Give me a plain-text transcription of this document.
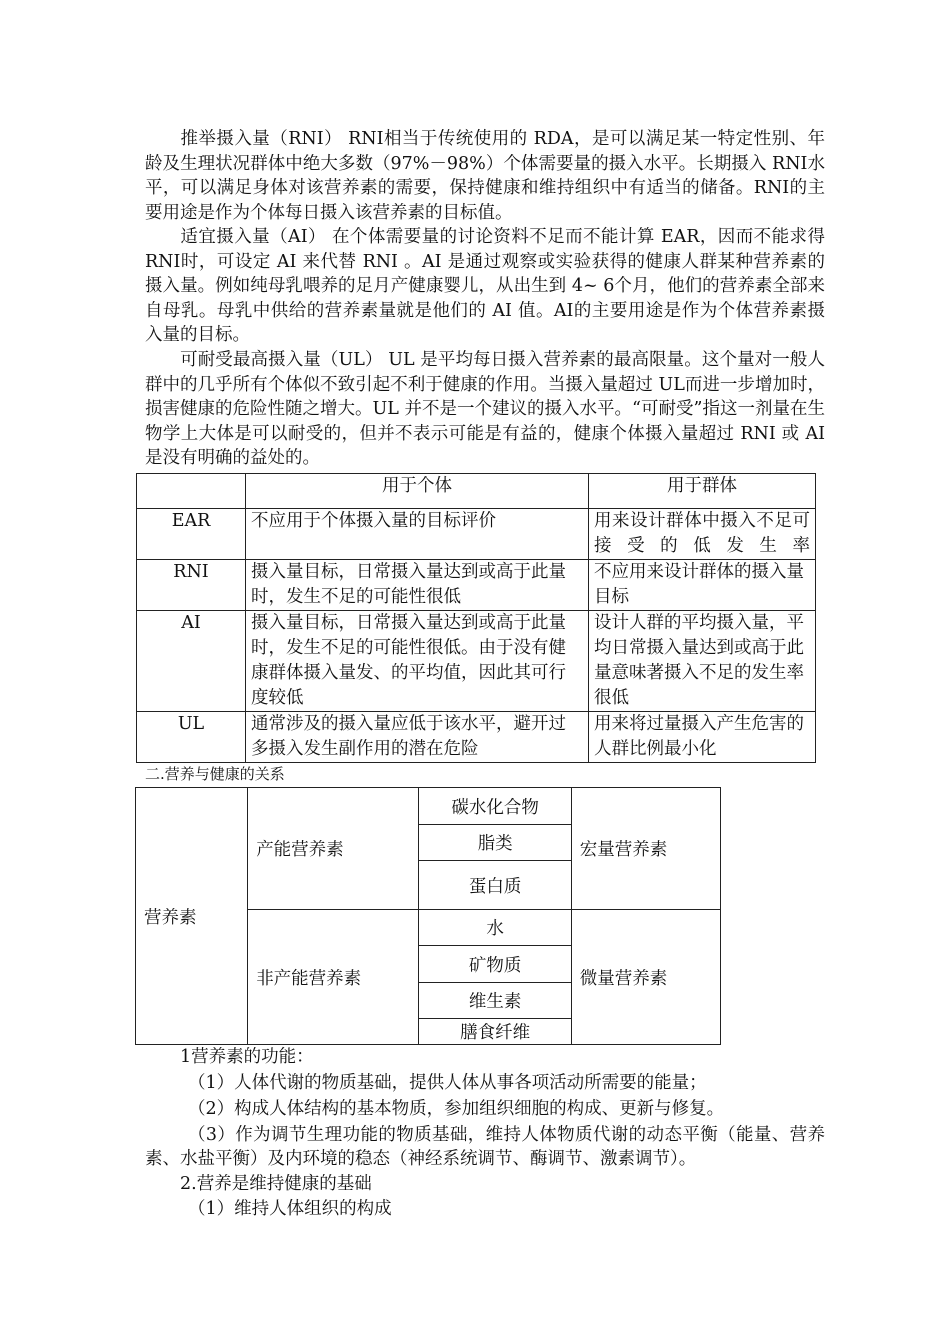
推举摄入量（RNI） RNI相当于传统使用的 RDA，是可以满足某一特定性别、年龄及生理状况群体中绝大多数（97%－98%）个体需要量的摄入水平。长期摄入 RNI水平，可以满足身体对该营养素的需要，保持健康和维持组织中有适当的储备。RNI的主要用途是作为个体每日摄入该营养素的目标值。

适宜摄入量（AI） 在个体需要量的讨论资料不足而不能计算 EAR，因而不能求得 RNI时，可设定 AI 来代替 RNI 。AI 是通过观察或实验获得的健康人群某种营养素的摄入量。例如纯母乳喂养的足月产健康婴儿，从出生到 4~ 6个月，他们的营养素全部来自母乳。母乳中供给的营养素量就是他们的 AI 值。AI的主要用途是作为个体营养素摄入量的目标。

可耐受最高摄入量（UL） UL 是平均每日摄入营养素的最高限量。这个量对一般人群中的几乎所有个体似不致引起不利于健康的作用。当摄入量超过 UL而进一步增加时，损害健康的危险性随之增大。UL 并不是一个建议的摄入水平。“可耐受”指这一剂量在生物学上大体是可以耐受的，但并不表示可能是有益的，健康个体摄入量超过 RNI 或 AI是没有明确的益处的。

	用于个体	用于群体
EAR	不应用于个体摄入量的目标评价	用来设计群体中摄入不足可接受的低发生率
RNI	摄入量目标，日常摄入量达到或高于此量时，发生不足的可能性很低	不应用来设计群体的摄入量目标
AI	摄入量目标，日常摄入量达到或高于此量时，发生不足的可能性很低。由于没有健康群体摄入量发、的平均值，因此其可行度较低	设计人群的平均摄入量，平均日常摄入量达到或高于此量意味著摄入不足的发生率很低
UL	通常涉及的摄入量应低于该水平，避开过多摄入发生副作用的潜在危险	用来将过量摄入产生危害的人群比例最小化

二.营养与健康的关系

营养素	产能营养素	碳水化合物	宏量营养素
		脂类	
		蛋白质	
	非产能营养素	水	微量营养素
		矿物质	
		维生素	
		膳食纤维	

1营养素的功能：

（1）人体代谢的物质基础，提供人体从事各项活动所需要的能量；

（2）构成人体结构的基本物质，参加组织细胞的构成、更新与修复。

（3）作为调节生理功能的物质基础，维持人体物质代谢的动态平衡（能量、营养素、水盐平衡）及内环境的稳态（神经系统调节、酶调节、激素调节）。

2.营养是维持健康的基础

（1）维持人体组织的构成
